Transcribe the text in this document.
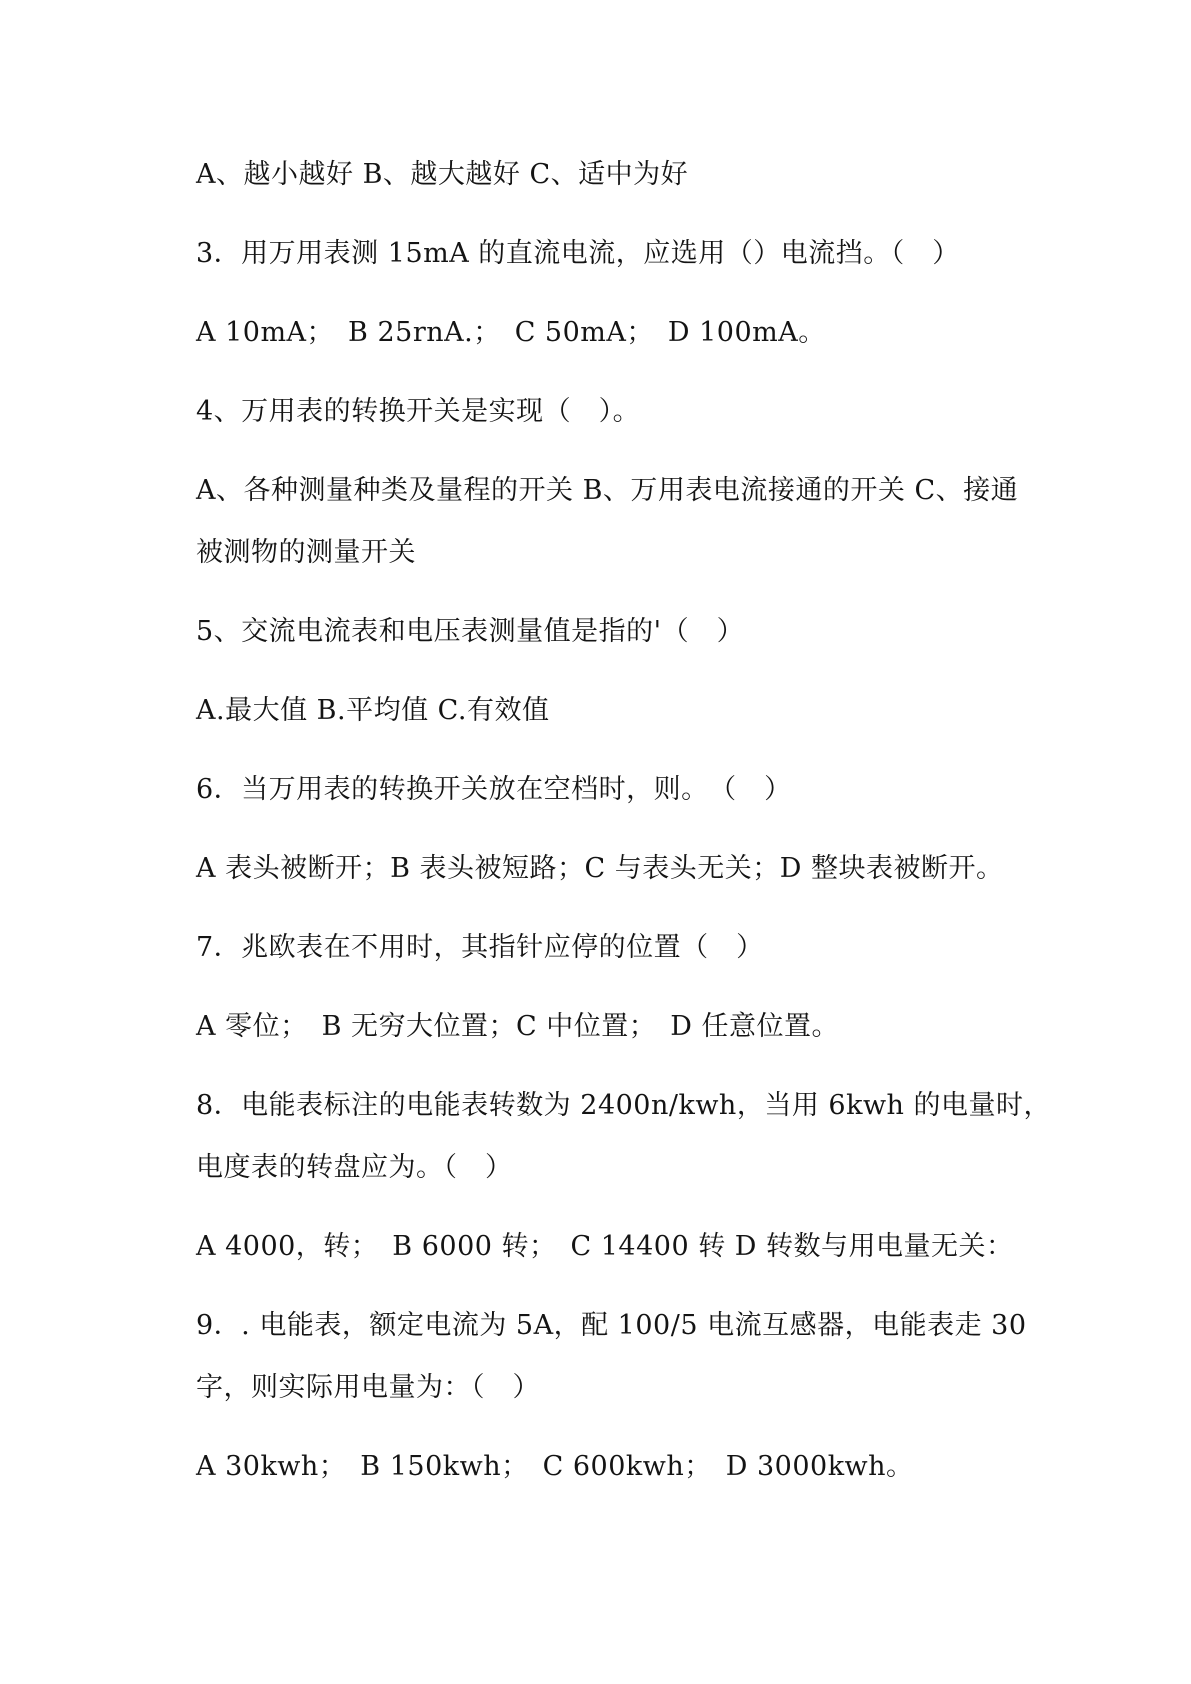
A、越小越好 B、越大越好 C、适中为好
3．用万用表测 15mA 的直流电流，应选用（）电流挡。（　）
A 10mA；　B 25rnA.；　C 50mA；　D 100mA。
4、万用表的转换开关是实现（　）。
A、各种测量种类及量程的开关 B、万用表电流接通的开关 C、接通
被测物的测量开关
5、交流电流表和电压表测量值是指的'（　）
A.最大值 B.平均值 C.有效值
6．当万用表的转换开关放在空档时，则。　（　）
A 表头被断开；B 表头被短路；C 与表头无关；D 整块表被断开。
7．兆欧表在不用时，其指针应停的位置（　）
A 零位；　B 无穷大位置；C 中位置；　D 任意位置。
8．电能表标注的电能表转数为 2400n/kwh，当用 6kwh 的电量时，
电度表的转盘应为。（　）
A 4000，转；　B 6000 转；　C 14400 转 D 转数与用电量无关：
9．. 电能表，额定电流为 5A，配 100/5 电流互感器，电能表走 30
字，则实际用电量为：（　）
A 30kwh；　B 150kwh；　C 600kwh；　D 3000kwh。
